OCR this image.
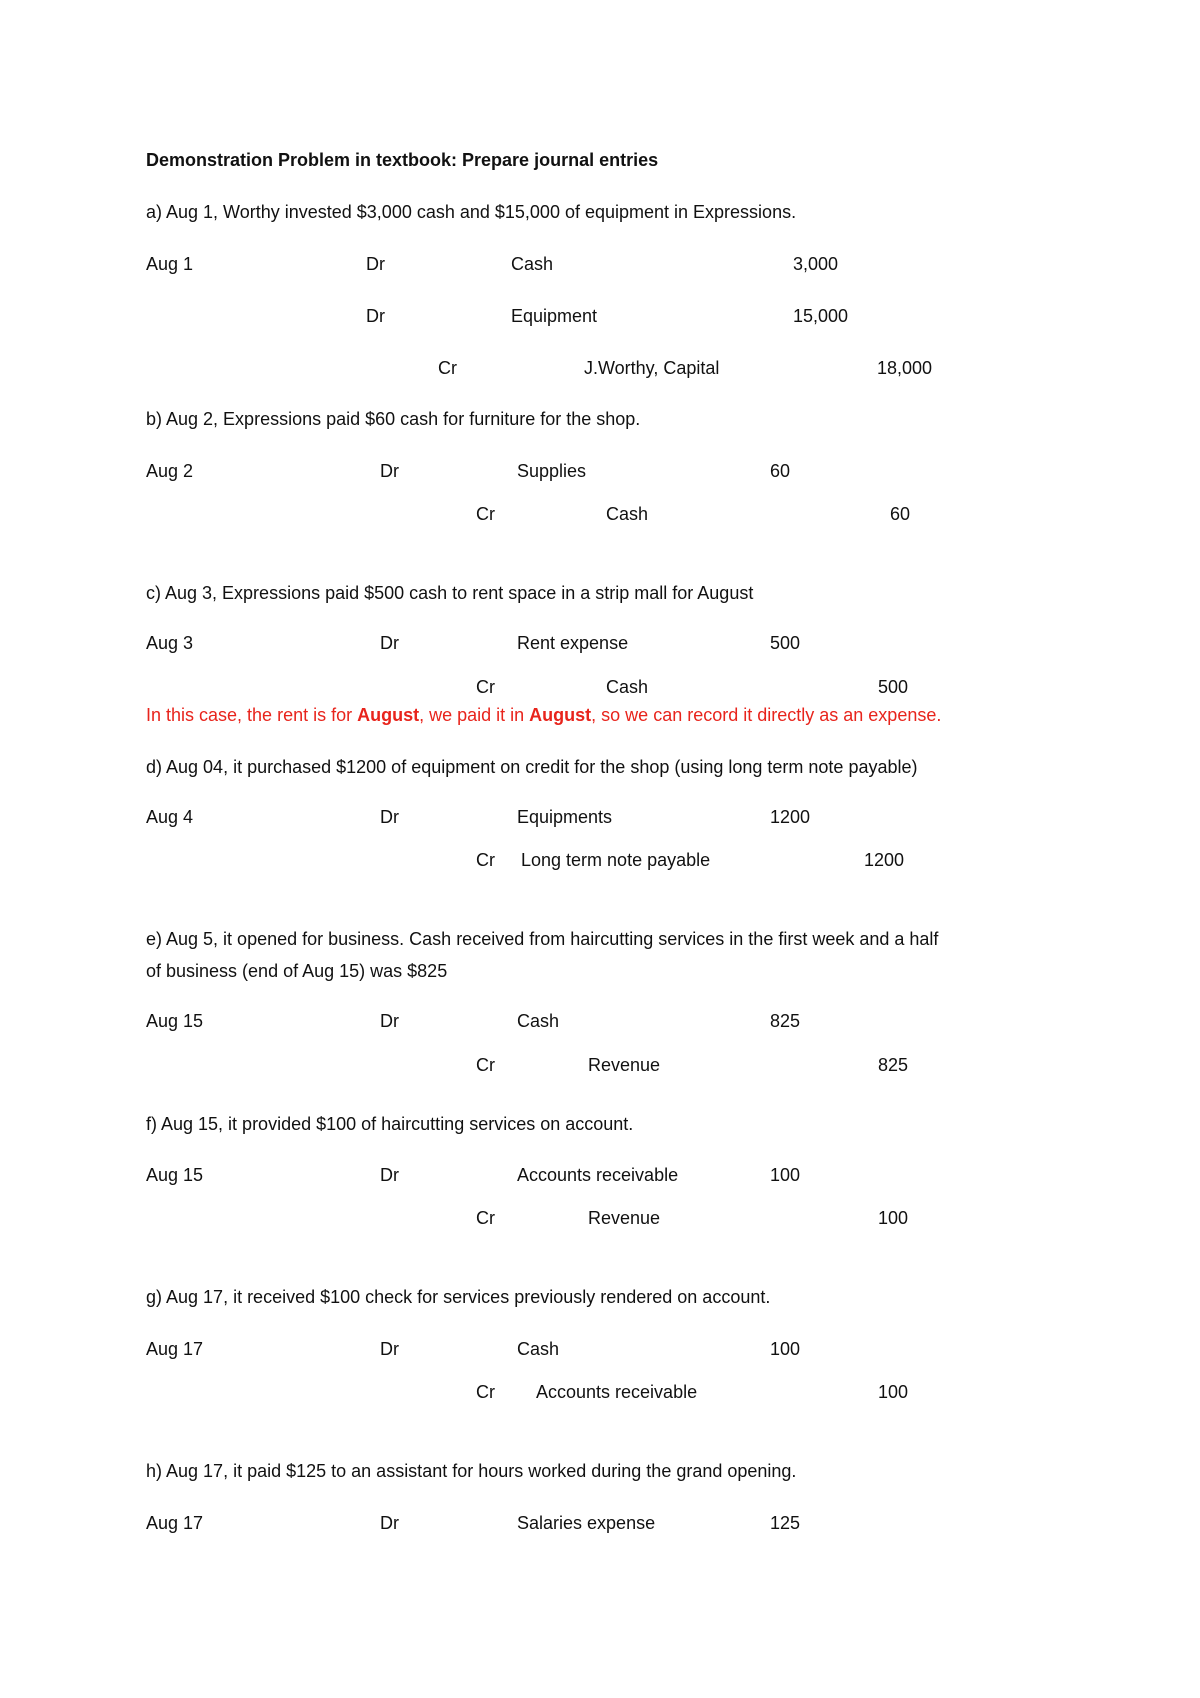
Demonstration Problem in textbook: Prepare journal entries
a) Aug 1, Worthy invested $3,000 cash and $15,000 of equipment in Expressions.
Aug 1	Dr	Cash	3,000
Dr	Equipment	15,000
Cr	J.Worthy, Capital	18,000
b) Aug 2, Expressions paid $60 cash for furniture for the shop.
Aug 2	Dr	Supplies	60
Cr	Cash	60
c) Aug 3, Expressions paid $500 cash to rent space in a strip mall for August
Aug 3	Dr	Rent expense	500
Cr	Cash	500
In this case, the rent is for August, we paid it in August, so we can record it directly as an expense.
d) Aug 04, it purchased $1200 of equipment on credit for the shop (using long term note payable)
Aug 4	Dr	Equipments	1200
Cr Long term note payable	1200
e) Aug 5, it opened for business. Cash received from haircutting services in the first week and a half
of business (end of Aug 15) was $825
Aug 15	Dr	Cash	825
Cr	Revenue	825
f) Aug 15, it provided $100 of haircutting services on account.
Aug 15	Dr	Accounts receivable	100
Cr	Revenue	100
g) Aug 17, it received $100 check for services previously rendered on account.
Aug 17	Dr	Cash	100
Cr Accounts receivable	100
h) Aug 17, it paid $125 to an assistant for hours worked during the grand opening.
Aug 17	Dr	Salaries expense	125
